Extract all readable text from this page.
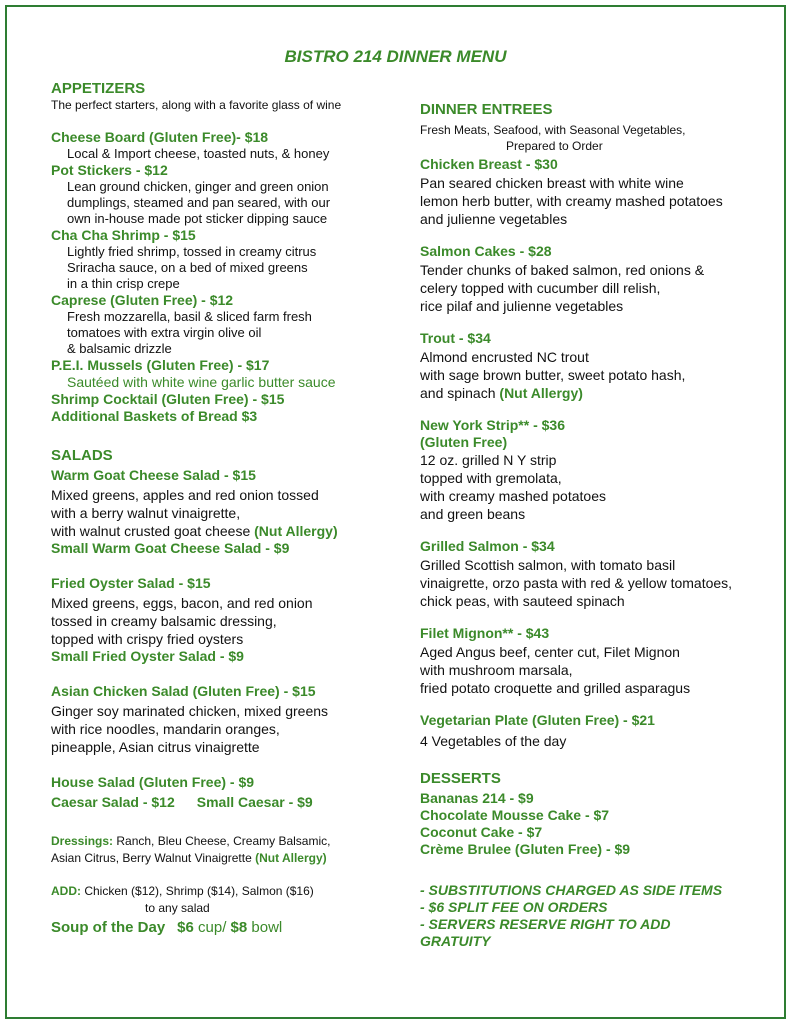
BISTRO 214 DINNER MENU
APPETIZERS
The perfect starters, along with a favorite glass of wine
Cheese Board (Gluten Free)- $18
Local & Import cheese, toasted nuts, & honey
Pot Stickers - $12
Lean ground chicken, ginger and green onion
dumplings, steamed and pan seared, with our
own in-house made pot sticker dipping sauce
Cha Cha Shrimp - $15
Lightly fried shrimp, tossed in creamy citrus
Sriracha sauce, on a bed of mixed greens
in a thin crisp crepe
Caprese (Gluten Free) - $12
Fresh mozzarella, basil & sliced farm fresh
tomatoes with extra virgin olive oil
& balsamic drizzle
P.E.I. Mussels (Gluten Free) - $17
Sautéed with white wine garlic butter sauce
Shrimp Cocktail (Gluten Free) - $15
Additional Baskets of Bread $3
SALADS
Warm Goat Cheese Salad - $15
Mixed greens, apples and red onion tossed
with a berry walnut vinaigrette,
with walnut crusted goat cheese (Nut Allergy)
Small Warm Goat Cheese Salad - $9
Fried Oyster Salad - $15
Mixed greens, eggs, bacon, and red onion
tossed in creamy balsamic dressing,
topped with crispy fried oysters
Small Fried Oyster Salad - $9
Asian Chicken Salad (Gluten Free) - $15
Ginger soy marinated chicken, mixed greens
with rice noodles, mandarin oranges,
pineapple, Asian citrus vinaigrette
House Salad (Gluten Free) - $9
Caesar Salad - $12 Small Caesar - $9
Dressings: Ranch, Bleu Cheese, Creamy Balsamic,
Asian Citrus, Berry Walnut Vinaigrette (Nut Allergy)
ADD: Chicken ($12), Shrimp ($14), Salmon ($16)
to any salad
Soup of the Day $6 cup/ $8 bowl
DINNER ENTREES
Fresh Meats, Seafood, with Seasonal Vegetables,
Prepared to Order
Chicken Breast - $30
Pan seared chicken breast with white wine
lemon herb butter, with creamy mashed potatoes
and julienne vegetables
Salmon Cakes - $28
Tender chunks of baked salmon, red onions &
celery topped with cucumber dill relish,
rice pilaf and julienne vegetables
Trout - $34
Almond encrusted NC trout
with sage brown butter, sweet potato hash,
and spinach (Nut Allergy)
New York Strip** - $36
(Gluten Free)
12 oz. grilled N Y strip
topped with gremolata,
with creamy mashed potatoes
and green beans
Grilled Salmon - $34
Grilled Scottish salmon, with tomato basil
vinaigrette, orzo pasta with red & yellow tomatoes,
chick peas, with sauteed spinach
Filet Mignon** - $43
Aged Angus beef, center cut, Filet Mignon
with mushroom marsala,
fried potato croquette and grilled asparagus
Vegetarian Plate (Gluten Free) - $21
4 Vegetables of the day
DESSERTS
Bananas 214 - $9
Chocolate Mousse Cake - $7
Coconut Cake - $7
Crème Brulee (Gluten Free) - $9
- SUBSTITUTIONS CHARGED AS SIDE ITEMS
- $6 SPLIT FEE ON ORDERS
- SERVERS RESERVE RIGHT TO ADD
GRATUITY
